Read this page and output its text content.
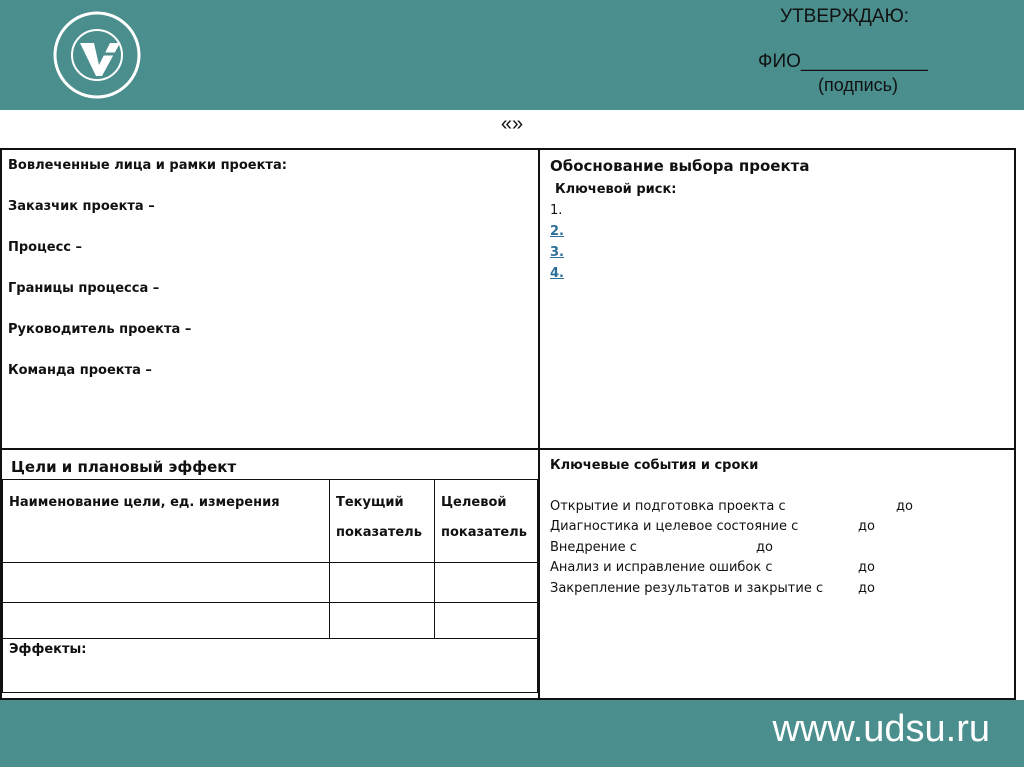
УТВЕРЖДАЮ:
ФИО____________
(подпись)
«»
Вовлеченные лица и рамки проекта:
Заказчик проекта –
Процесс –
Границы процесса –
Руководитель проекта –
Команда проекта –
Обоснование выбора проекта
Ключевой риск:
1.
2.
3.
4.
Цели и плановый эффект
Наименование цели, ед. измерения	Текущий показатель	Целевой показатель

Эффекты:		
Ключевые события и сроки
Открытие и подготовка проекта с	до
Диагностика и целевое состояние с	до
Внедрение с	до
Анализ и исправление ошибок с	до
Закрепление результатов и закрытие с	до
www.udsu.ru
